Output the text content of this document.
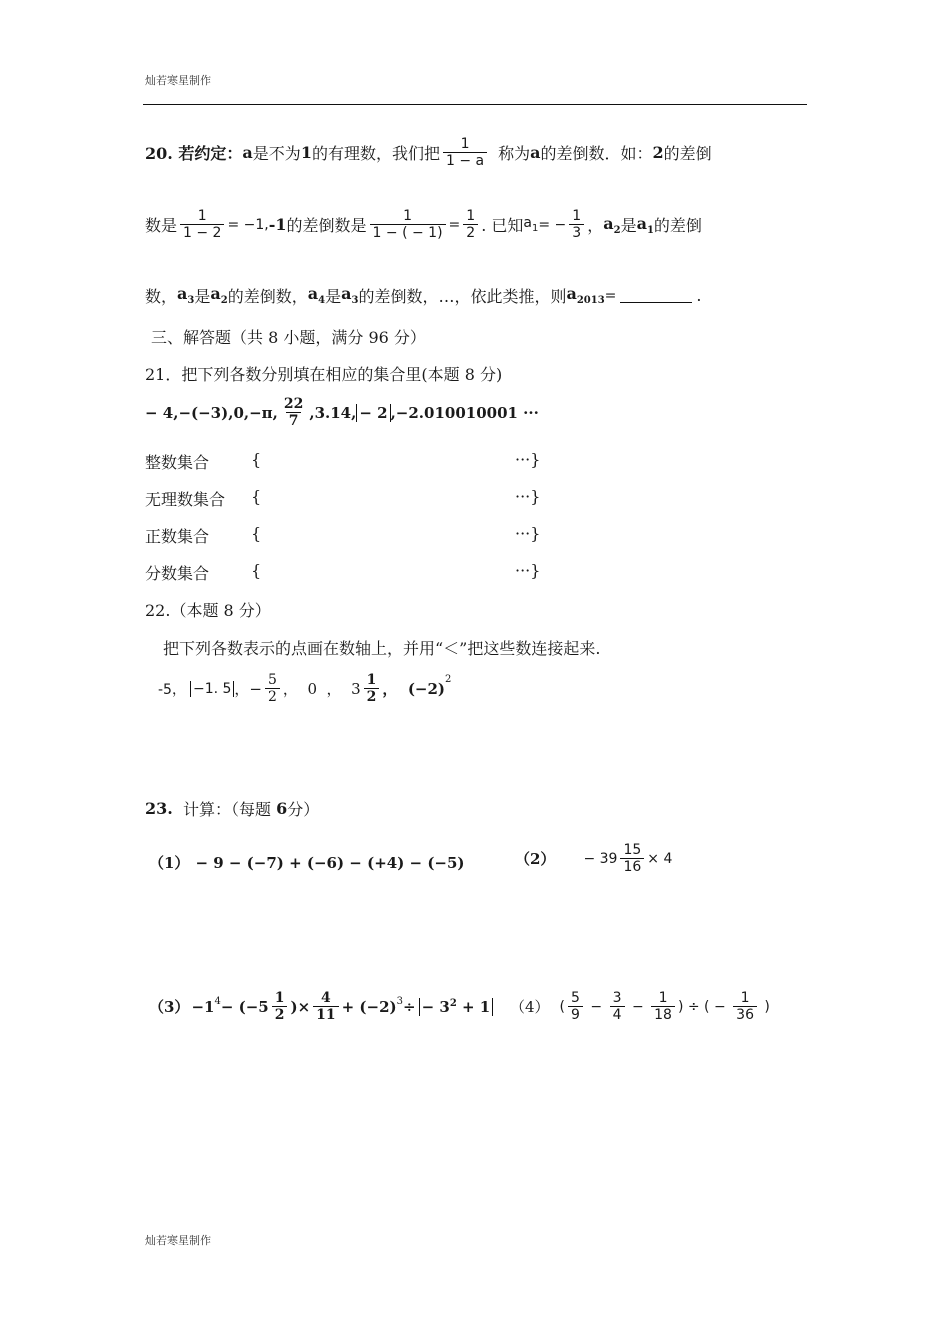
灿若寒星制作
20. 若约定： a 是不为 1 的有理数，我们把 $\frac{1}{1 - a}$ 称为 a 的差倒数．如： 2 的差倒
数是 $\frac{1}{1 - 2} = -1$, -1 的差倒数是 $\frac{1}{1 - ( - 1)} = \frac{1}{2}$ . 已知 $a_1$ = − $\frac{1}{3}$ ， $a_2$ 是 $a_1$ 的差倒
数， $a_3$ 是 $a_2$ 的差倒数， $a_4$ 是 $a_3$ 的差倒数，…，依此类推，则 $a_{2013}$ =	.
三、解答题（共 8 小题，满分 96 分）
21．把下列各数分别填在相应的集合里(本题 8 分)
− 4,−(−3),0,−π, $\frac{22}{7} ,3.14$, − 2 ,−2.010010001 ···
整数集合	{	···}
无理数集合 {	···}
正数集合	{	···}
分数集合	{	···}
22.（本题 8 分）
把下列各数表示的点画在数轴上，并用“＜”把这些数连接起来.
-5， −1. 5 ，− $\frac{5}{2}$ ，  0  ，  $3 \frac{1}{2}$ ，  (−2)
$^2$
23. 计算：（每题 6 分）
（1） − 9 − (−7) + (−6) − (+4) − (−5)	$(2) - 39 \frac{15}{16} \times 4$
$(3) -1^4 - (-5 \frac{1}{2}$ )× $\frac{4}{11} + (-2)^3$ ÷ − $3^2 + 1$ （4） ( $\frac{5}{9} - \frac{3}{4} - \frac{1}{18}$ ) ÷ ( − $\frac{1}{36}$ )
灿若寒星制作
